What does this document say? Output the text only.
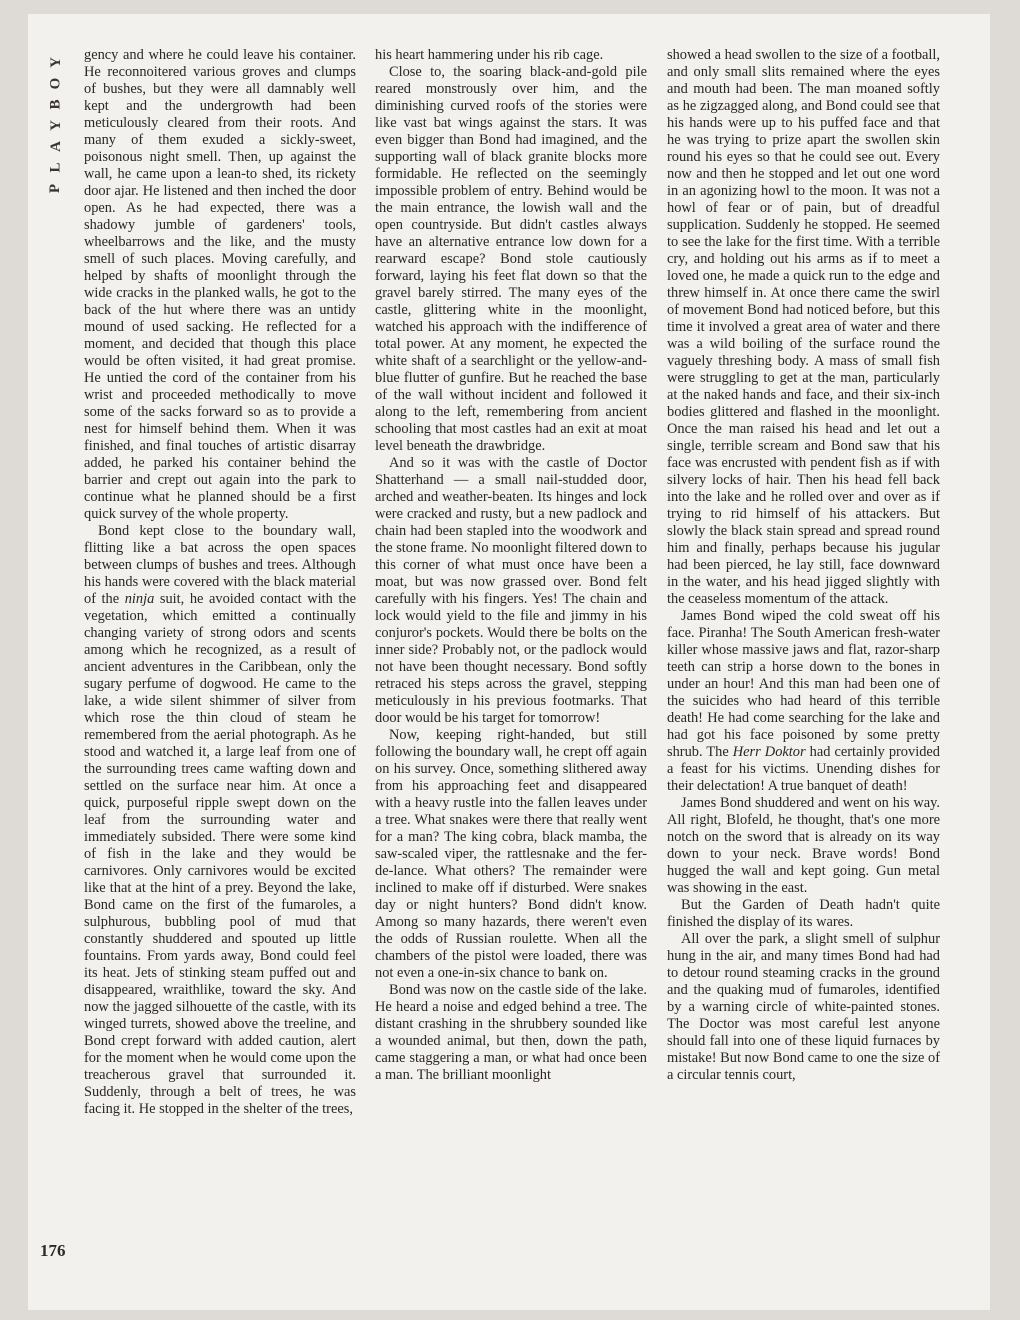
Y
O
B
Y
A
L
P

gency and where he could leave his container. He reconnoitered various groves and clumps of bushes, but they were all damnably well kept and the undergrowth had been meticulously cleared from their roots. And many of them exuded a sickly-sweet, poisonous night smell. Then, up against the wall, he came upon a lean-to shed, its rickety door ajar. He listened and then inched the door open. As he had expected, there was a shadowy jumble of gardeners' tools, wheelbarrows and the like, and the musty smell of such places. Moving carefully, and helped by shafts of moonlight through the wide cracks in the planked walls, he got to the back of the hut where there was an untidy mound of used sacking. He reflected for a moment, and decided that though this place would be often visited, it had great promise. He untied the cord of the container from his wrist and proceeded methodically to move some of the sacks forward so as to provide a nest for himself behind them. When it was finished, and final touches of artistic disarray added, he parked his container behind the barrier and crept out again into the park to continue what he planned should be a first quick survey of the whole property.

Bond kept close to the boundary wall, flitting like a bat across the open spaces between clumps of bushes and trees. Although his hands were covered with the black material of the ninja suit, he avoided contact with the vegetation, which emitted a continually changing variety of strong odors and scents among which he recognized, as a result of ancient adventures in the Caribbean, only the sugary perfume of dogwood. He came to the lake, a wide silent shimmer of silver from which rose the thin cloud of steam he remembered from the aerial photograph. As he stood and watched it, a large leaf from one of the surrounding trees came wafting down and settled on the surface near him. At once a quick, purposeful ripple swept down on the leaf from the surrounding water and immediately subsided. There were some kind of fish in the lake and they would be carnivores. Only carnivores would be excited like that at the hint of a prey. Beyond the lake, Bond came on the first of the fumaroles, a sulphurous, bubbling pool of mud that constantly shuddered and spouted up little fountains. From yards away, Bond could feel its heat. Jets of stinking steam puffed out and disappeared, wraithlike, toward the sky. And now the jagged silhouette of the castle, with its winged turrets, showed above the treeline, and Bond crept forward with added caution, alert for the moment when he would come upon the treacherous gravel that surrounded it. Suddenly, through a belt of trees, he was facing it. He stopped in the shelter of the trees,

his heart hammering under his rib cage.

Close to, the soaring black-and-gold pile reared monstrously over him, and the diminishing curved roofs of the stories were like vast bat wings against the stars. It was even bigger than Bond had imagined, and the supporting wall of black granite blocks more formidable. He reflected on the seemingly impossible problem of entry. Behind would be the main entrance, the lowish wall and the open countryside. But didn't castles always have an alternative entrance low down for a rearward escape? Bond stole cautiously forward, laying his feet flat down so that the gravel barely stirred. The many eyes of the castle, glittering white in the moonlight, watched his approach with the indifference of total power. At any moment, he expected the white shaft of a searchlight or the yellow-and-blue flutter of gunfire. But he reached the base of the wall without incident and followed it along to the left, remembering from ancient schooling that most castles had an exit at moat level beneath the drawbridge.

And so it was with the castle of Doctor Shatterhand — a small nail-studded door, arched and weather-beaten. Its hinges and lock were cracked and rusty, but a new padlock and chain had been stapled into the woodwork and the stone frame. No moonlight filtered down to this corner of what must once have been a moat, but was now grassed over. Bond felt carefully with his fingers. Yes! The chain and lock would yield to the file and jimmy in his conjuror's pockets. Would there be bolts on the inner side? Probably not, or the padlock would not have been thought necessary. Bond softly retraced his steps across the gravel, stepping meticulously in his previous footmarks. That door would be his target for tomorrow!

Now, keeping right-handed, but still following the boundary wall, he crept off again on his survey. Once, something slithered away from his approaching feet and disappeared with a heavy rustle into the fallen leaves under a tree. What snakes were there that really went for a man? The king cobra, black mamba, the saw-scaled viper, the rattlesnake and the fer-de-lance. What others? The remainder were inclined to make off if disturbed. Were snakes day or night hunters? Bond didn't know. Among so many hazards, there weren't even the odds of Russian roulette. When all the chambers of the pistol were loaded, there was not even a one-in-six chance to bank on.

Bond was now on the castle side of the lake. He heard a noise and edged behind a tree. The distant crashing in the shrubbery sounded like a wounded animal, but then, down the path, came staggering a man, or what had once been a man. The brilliant moonlight

showed a head swollen to the size of a football, and only small slits remained where the eyes and mouth had been. The man moaned softly as he zigzagged along, and Bond could see that his hands were up to his puffed face and that he was trying to prize apart the swollen skin round his eyes so that he could see out. Every now and then he stopped and let out one word in an agonizing howl to the moon. It was not a howl of fear or of pain, but of dreadful supplication. Suddenly he stopped. He seemed to see the lake for the first time. With a terrible cry, and holding out his arms as if to meet a loved one, he made a quick run to the edge and threw himself in. At once there came the swirl of movement Bond had noticed before, but this time it involved a great area of water and there was a wild boiling of the surface round the vaguely threshing body. A mass of small fish were struggling to get at the man, particularly at the naked hands and face, and their six-inch bodies glittered and flashed in the moonlight. Once the man raised his head and let out a single, terrible scream and Bond saw that his face was encrusted with pendent fish as if with silvery locks of hair. Then his head fell back into the lake and he rolled over and over as if trying to rid himself of his attackers. But slowly the black stain spread and spread round him and finally, perhaps because his jugular had been pierced, he lay still, face downward in the water, and his head jigged slightly with the ceaseless momentum of the attack.

James Bond wiped the cold sweat off his face. Piranha! The South American fresh-water killer whose massive jaws and flat, razor-sharp teeth can strip a horse down to the bones in under an hour! And this man had been one of the suicides who had heard of this terrible death! He had come searching for the lake and had got his face poisoned by some pretty shrub. The Herr Doktor had certainly provided a feast for his victims. Unending dishes for their delectation! A true banquet of death!

James Bond shuddered and went on his way. All right, Blofeld, he thought, that's one more notch on the sword that is already on its way down to your neck. Brave words! Bond hugged the wall and kept going. Gun metal was showing in the east.

But the Garden of Death hadn't quite finished the display of its wares.

All over the park, a slight smell of sulphur hung in the air, and many times Bond had had to detour round steaming cracks in the ground and the quaking mud of fumaroles, identified by a warning circle of white-painted stones. The Doctor was most careful lest anyone should fall into one of these liquid furnaces by mistake! But now Bond came to one the size of a circular tennis court,

176
